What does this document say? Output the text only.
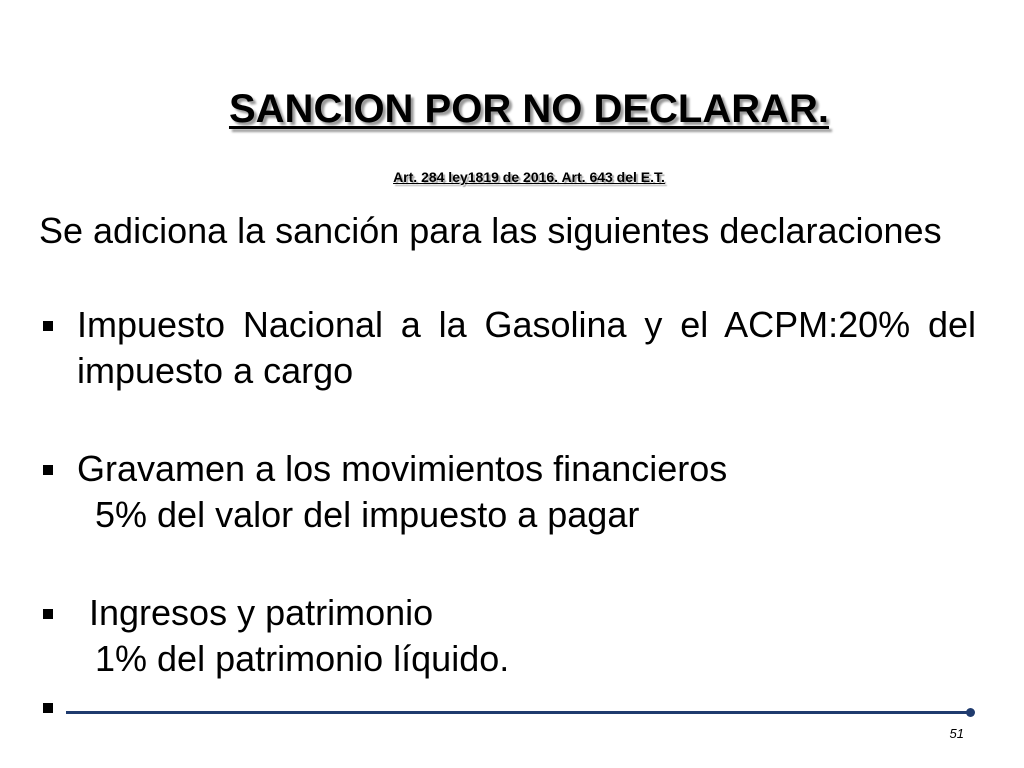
SANCION POR NO DECLARAR.
Art. 284 ley1819 de 2016. Art. 643 del E.T.

Se adiciona la sanción para las siguientes declaraciones

Impuesto Nacional a la Gasolina y el ACPM:20% del impuesto a cargo
Gravamen a los movimientos financieros
5% del valor del impuesto a pagar
Ingresos y patrimonio
1% del patrimonio líquido.
51
